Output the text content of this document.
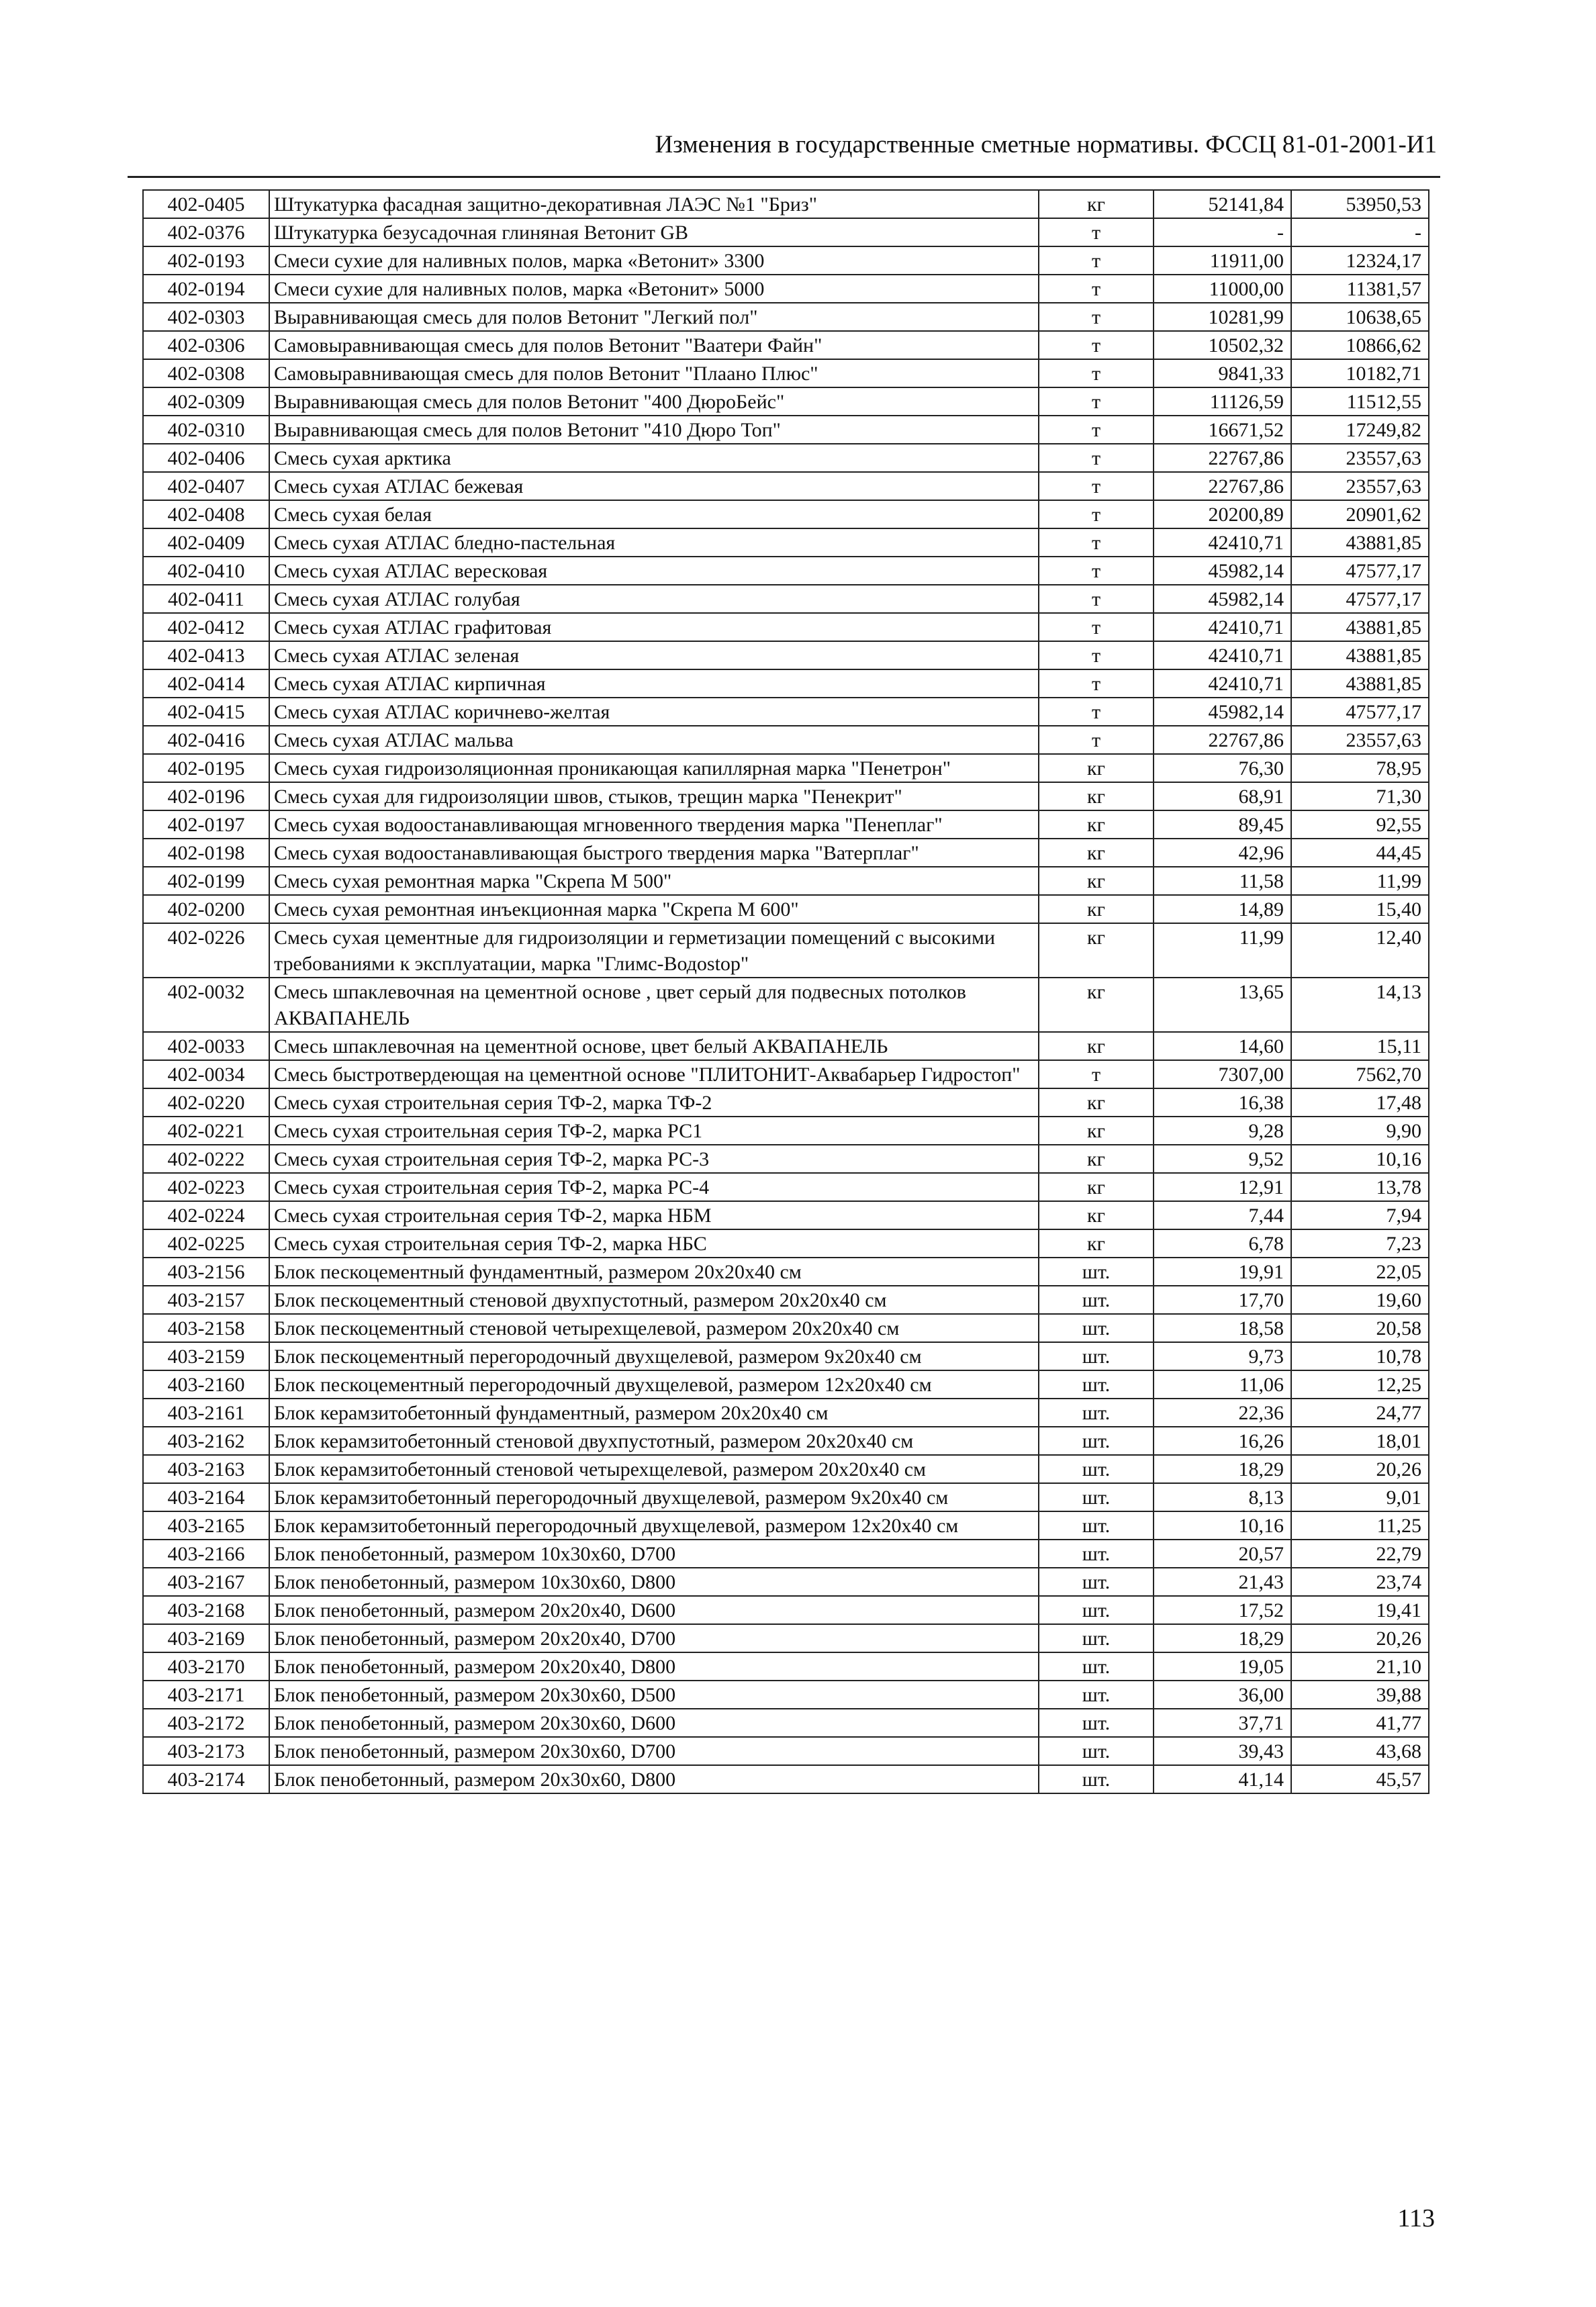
Изменения в государственные сметные нормативы. ФССЦ 81-01-2001-И1
402-0405	Штукатурка фасадная защитно-декоративная ЛАЭС №1 "Бриз"	кг	52141,84	53950,53
402-0376	Штукатурка безусадочная глиняная Ветонит GB	т	-	-
402-0193	Смеси сухие для наливных полов, марка «Ветонит» 3300	т	11911,00	12324,17
402-0194	Смеси сухие для наливных полов, марка «Ветонит» 5000	т	11000,00	11381,57
402-0303	Выравнивающая смесь для полов Ветонит "Легкий пол"	т	10281,99	10638,65
402-0306	Самовыравнивающая смесь для полов Ветонит "Ваатери Файн"	т	10502,32	10866,62
402-0308	Самовыравнивающая смесь для полов Ветонит "Плаано Плюс"	т	9841,33	10182,71
402-0309	Выравнивающая смесь для полов Ветонит "400 ДюроБейс"	т	11126,59	11512,55
402-0310	Выравнивающая смесь для полов Ветонит "410 Дюро Топ"	т	16671,52	17249,82
402-0406	Смесь сухая арктика	т	22767,86	23557,63
402-0407	Смесь сухая АТЛАС бежевая	т	22767,86	23557,63
402-0408	Смесь сухая белая	т	20200,89	20901,62
402-0409	Смесь сухая АТЛАС бледно-пастельная	т	42410,71	43881,85
402-0410	Смесь сухая АТЛАС вересковая	т	45982,14	47577,17
402-0411	Смесь сухая АТЛАС голубая	т	45982,14	47577,17
402-0412	Смесь сухая АТЛАС графитовая	т	42410,71	43881,85
402-0413	Смесь сухая АТЛАС зеленая	т	42410,71	43881,85
402-0414	Смесь сухая АТЛАС кирпичная	т	42410,71	43881,85
402-0415	Смесь сухая АТЛАС коричнево-желтая	т	45982,14	47577,17
402-0416	Смесь сухая АТЛАС мальва	т	22767,86	23557,63
402-0195	Смесь сухая гидроизоляционная проникающая капиллярная марка "Пенетрон"	кг	76,30	78,95
402-0196	Смесь сухая для гидроизоляции швов, стыков, трещин марка "Пенекрит"	кг	68,91	71,30
402-0197	Смесь сухая водоостанавливающая мгновенного твердения марка "Пенеплаг"	кг	89,45	92,55
402-0198	Смесь сухая водоостанавливающая быстрого твердения марка "Ватерплаг"	кг	42,96	44,45
402-0199	Смесь сухая ремонтная марка "Скрепа М 500"	кг	11,58	11,99
402-0200	Смесь сухая ремонтная инъекционная марка "Скрепа М 600"	кг	14,89	15,40
402-0226	Смесь сухая цементные для гидроизоляции и герметизации помещений с высокими требованиями к эксплуатации, марка "Глимс-Водоstop"	кг	11,99	12,40
402-0032	Смесь шпаклевочная на цементной основе , цвет серый для подвесных потолков АКВАПАНЕЛЬ	кг	13,65	14,13
402-0033	Смесь шпаклевочная на цементной основе, цвет белый АКВАПАНЕЛЬ	кг	14,60	15,11
402-0034	Смесь быстротвердеющая на цементной основе "ПЛИТОНИТ-Аквабарьер Гидростоп"	т	7307,00	7562,70
402-0220	Смесь сухая строительная серия ТФ-2, марка ТФ-2	кг	16,38	17,48
402-0221	Смесь сухая строительная серия ТФ-2, марка РС1	кг	9,28	9,90
402-0222	Смесь сухая строительная серия ТФ-2, марка РС-3	кг	9,52	10,16
402-0223	Смесь сухая строительная серия ТФ-2, марка РС-4	кг	12,91	13,78
402-0224	Смесь сухая строительная серия ТФ-2, марка НБМ	кг	7,44	7,94
402-0225	Смесь сухая строительная серия ТФ-2, марка НБС	кг	6,78	7,23
403-2156	Блок пескоцементный фундаментный, размером 20х20х40 см	шт.	19,91	22,05
403-2157	Блок пескоцементный стеновой двухпустотный, размером 20х20х40 см	шт.	17,70	19,60
403-2158	Блок пескоцементный стеновой четырехщелевой, размером 20х20х40 см	шт.	18,58	20,58
403-2159	Блок пескоцементный перегородочный двухщелевой, размером 9х20х40 см	шт.	9,73	10,78
403-2160	Блок пескоцементный перегородочный двухщелевой, размером 12х20х40 см	шт.	11,06	12,25
403-2161	Блок керамзитобетонный фундаментный, размером 20х20х40 см	шт.	22,36	24,77
403-2162	Блок керамзитобетонный стеновой двухпустотный, размером 20х20х40 см	шт.	16,26	18,01
403-2163	Блок керамзитобетонный стеновой четырехщелевой, размером 20х20х40 см	шт.	18,29	20,26
403-2164	Блок керамзитобетонный перегородочный двухщелевой, размером 9х20х40 см	шт.	8,13	9,01
403-2165	Блок керамзитобетонный перегородочный двухщелевой, размером 12х20х40 см	шт.	10,16	11,25
403-2166	Блок пенобетонный, размером 10х30х60, D700	шт.	20,57	22,79
403-2167	Блок пенобетонный, размером 10х30х60, D800	шт.	21,43	23,74
403-2168	Блок пенобетонный, размером 20х20х40, D600	шт.	17,52	19,41
403-2169	Блок пенобетонный, размером 20х20х40, D700	шт.	18,29	20,26
403-2170	Блок пенобетонный, размером 20х20х40, D800	шт.	19,05	21,10
403-2171	Блок пенобетонный, размером 20х30х60, D500	шт.	36,00	39,88
403-2172	Блок пенобетонный, размером 20х30х60, D600	шт.	37,71	41,77
403-2173	Блок пенобетонный, размером 20х30х60, D700	шт.	39,43	43,68
403-2174	Блок пенобетонный, размером 20х30х60, D800	шт.	41,14	45,57
113
